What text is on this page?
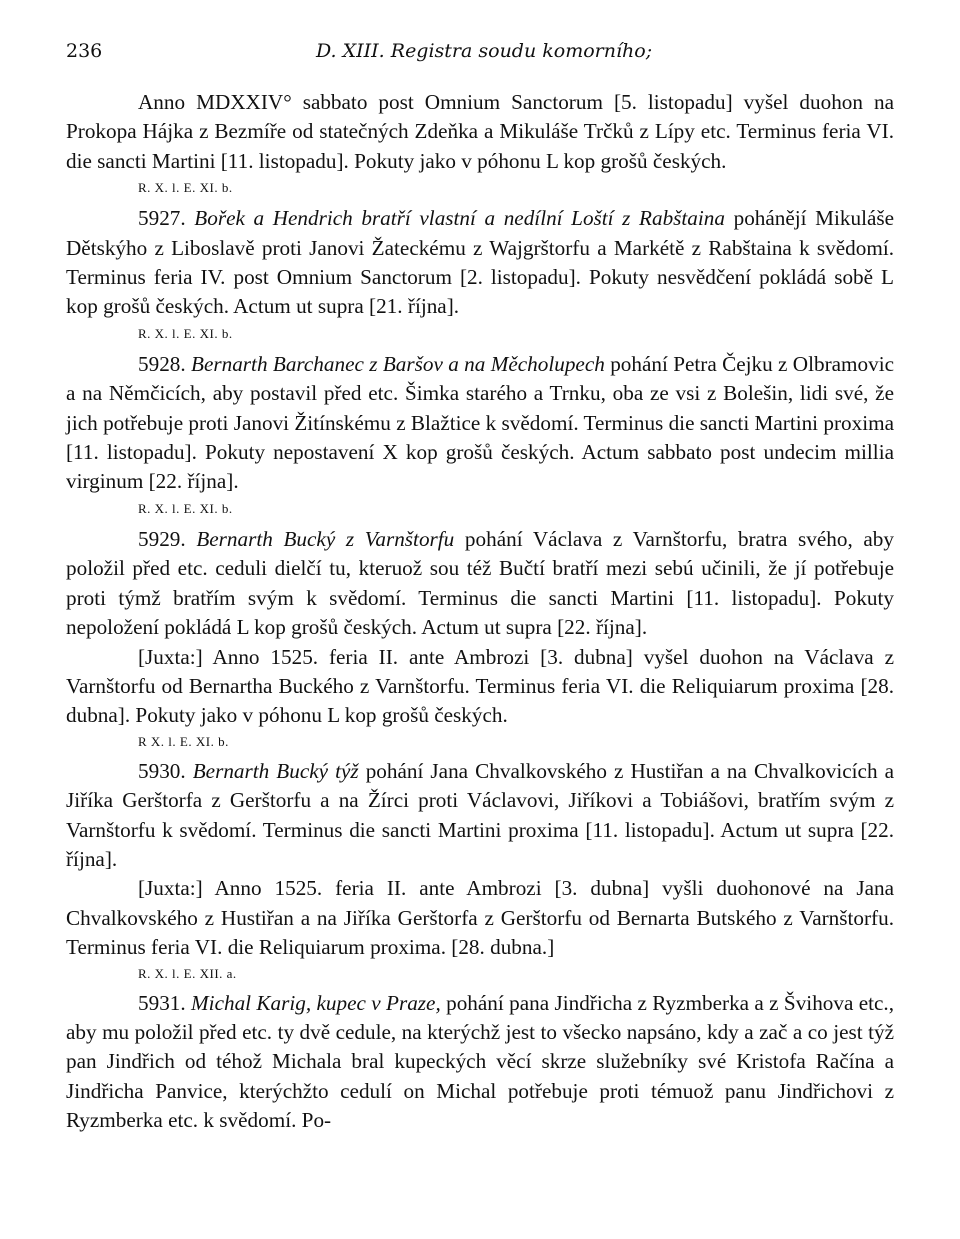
236	D. XIII. Registra soudu komorního;

Anno MDXXIV° sabbato post Omnium Sanctorum [5. listopadu] vyšel duohon na Prokopa Hájka z Bezmíře od statečných Zdeňka a Mikuláše Trčků z Lípy etc. Terminus feria VI. die sancti Martini [11. listopadu]. Pokuty jako v póhonu L kop grošů českých.

R. X. l. E. XI. b.

5927. Bořek a Hendrich bratří vlastní a nedílní Loští z Rabštaina pohánějí Mikuláše Dětskýho z Liboslavě proti Janovi Žateckému z Wajgrštorfu a Markétě z Rabštaina k svědomí. Terminus feria IV. post Omnium Sanctorum [2. listopadu]. Pokuty nesvědčení pokládá sobě L kop grošů českých. Actum ut supra [21. října].

R. X. l. E. XI. b.

5928. Bernarth Barchanec z Baršov a na Měcholupech pohání Petra Čejku z Olbramovic a na Němčicích, aby postavil před etc. Šimka starého a Trnku, oba ze vsi z Bolešin, lidi své, že jich potřebuje proti Janovi Žitínskému z Blažtice k svědomí. Terminus die sancti Martini proxima [11. listopadu]. Pokuty nepostavení X kop grošů českých. Actum sabbato post undecim millia virginum [22. října].

R. X. l. E. XI. b.

5929. Bernarth Bucký z Varnštorfu pohání Václava z Varnštorfu, bratra svého, aby položil před etc. ceduli dielčí tu, kteruož sou též Bučtí bratří mezi sebú učinili, že jí potřebuje proti týmž bratřím svým k svědomí. Terminus die sancti Martini [11. listopadu]. Pokuty nepoložení pokládá L kop grošů českých. Actum ut supra [22. října].

[Juxta:] Anno 1525. feria II. ante Ambrozi [3. dubna] vyšel duohon na Václava z Varnštorfu od Bernartha Buckého z Varnštorfu. Terminus feria VI. die Reliquiarum proxima [28. dubna]. Pokuty jako v póhonu L kop grošů českých.

R X. l. E. XI. b.

5930. Bernarth Bucký týž pohání Jana Chvalkovského z Hustiřan a na Chvalkovicích a Jiříka Gerštorfa z Gerštorfu a na Žírci proti Václavovi, Jiříkovi a Tobiášovi, bratřím svým z Varnštorfu k svědomí. Terminus die sancti Martini proxima [11. listopadu]. Actum ut supra [22. října].

[Juxta:] Anno 1525. feria II. ante Ambrozi [3. dubna] vyšli duohonové na Jana Chvalkovského z Hustiřan a na Jiříka Gerštorfa z Gerštorfu od Bernarta Butského z Varnštorfu. Terminus feria VI. die Reliquiarum proxima. [28. dubna.]

R. X. l. E. XII. a.

5931. Michal Karig, kupec v Praze, pohání pana Jindřicha z Ryzmberka a z Švihova etc., aby mu položil před etc. ty dvě cedule, na kterýchž jest to všecko napsáno, kdy a zač a co jest týž pan Jindřich od téhož Michala bral kupeckých věcí skrze služebníky své Kristofa Račína a Jindřicha Panvice, kterýchžto cedulí on Michal potřebuje proti témuož panu Jindřichovi z Ryzmberka etc. k svědomí. Po-
